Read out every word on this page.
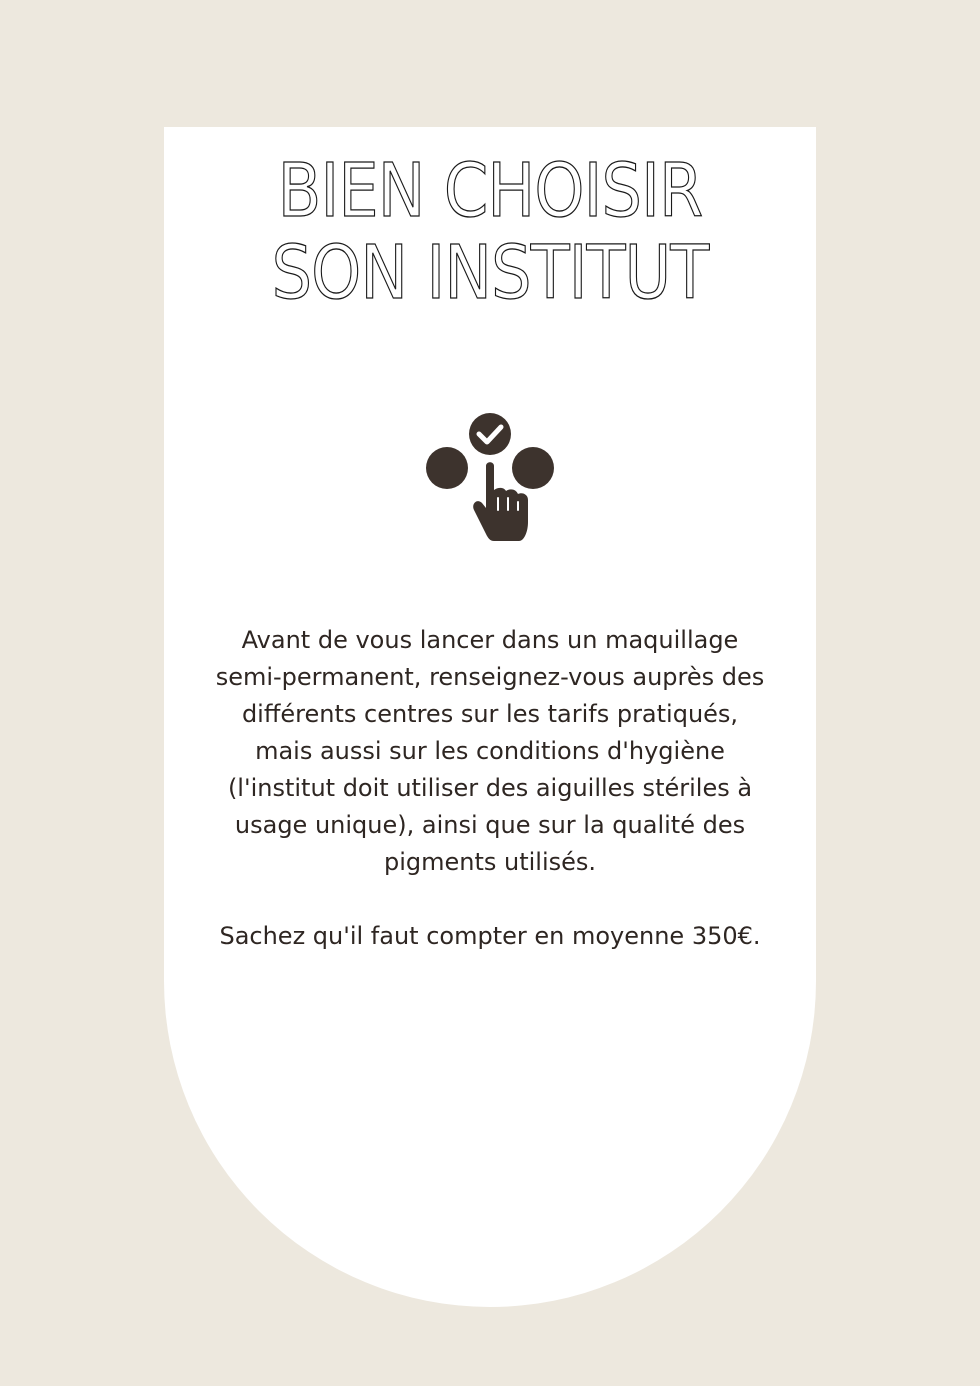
BIEN CHOISIR
SON INSTITUT

Avant de vous lancer dans un maquillage semi-permanent, renseignez-vous auprès des différents centres sur les tarifs pratiqués, mais aussi sur les conditions d'hygiène (l'institut doit utiliser des aiguilles stériles à usage unique), ainsi que sur la qualité des pigments utilisés.

Sachez qu'il faut compter en moyenne 350€.
